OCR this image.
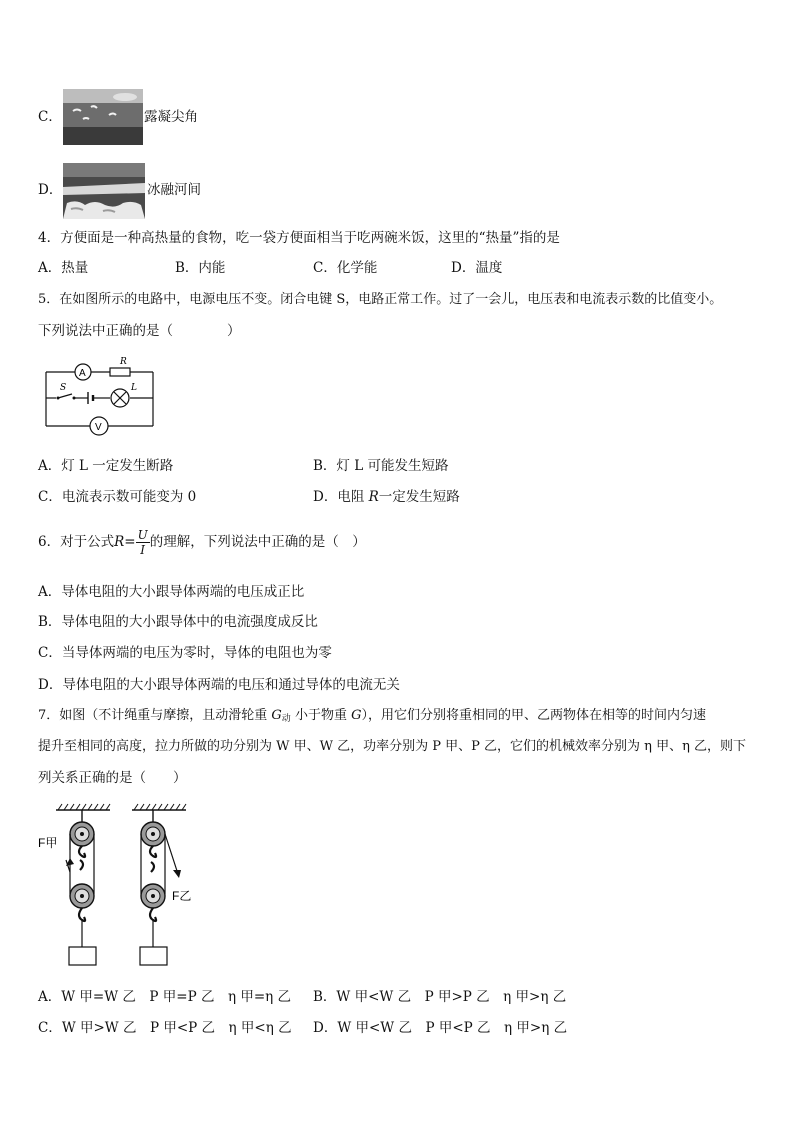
C．	露凝尖角
D．	冰融河间
4．方便面是一种高热量的食物，吃一袋方便面相当于吃两碗米饭，这里的“热量”指的是
A．热量	B．内能	C．化学能	D．温度
5．在如图所示的电路中，电源电压不变。闭合电键 S，电路正常工作。过了一会儿，电压表和电流表示数的比值变小。
下列说法中正确的是（　　　　）
A
R
S	L
V
A．灯 L 一定发生断路	B．灯 L 可能发生短路
C．电流表示数可能变为 0	D．电阻 R一定发生短路
6．对于公式$R= \frac{U}{I}$ 的理解，下列说法中正确的是（　）
A．导体电阻的大小跟导体两端的电压成正比
B．导体电阻的大小跟导体中的电流强度成反比
C．当导体两端的电压为零时，导体的电阻也为零
D．导体电阻的大小跟导体两端的电压和通过导体的电流无关
7．如图（不计绳重与摩擦，且动滑轮重 $G_动$ 小于物重 G），用它们分别将重相同的甲、乙两物体在相等的时间内匀速
提升至相同的高度，拉力所做的功分别为 W 甲、W 乙，功率分别为 P 甲、P 乙，它们的机械效率分别为 η 甲、η 乙，则下
列关系正确的是（　　）
F甲
F乙
A．W 甲=W 乙　P 甲=P 乙　η 甲=η 乙 B．W 甲<W 乙　P 甲>P 乙　η 甲>η 乙
C．W 甲>W 乙　P 甲<P 乙　η 甲<η 乙 D．W 甲<W 乙　P 甲<P 乙　η 甲>η 乙
